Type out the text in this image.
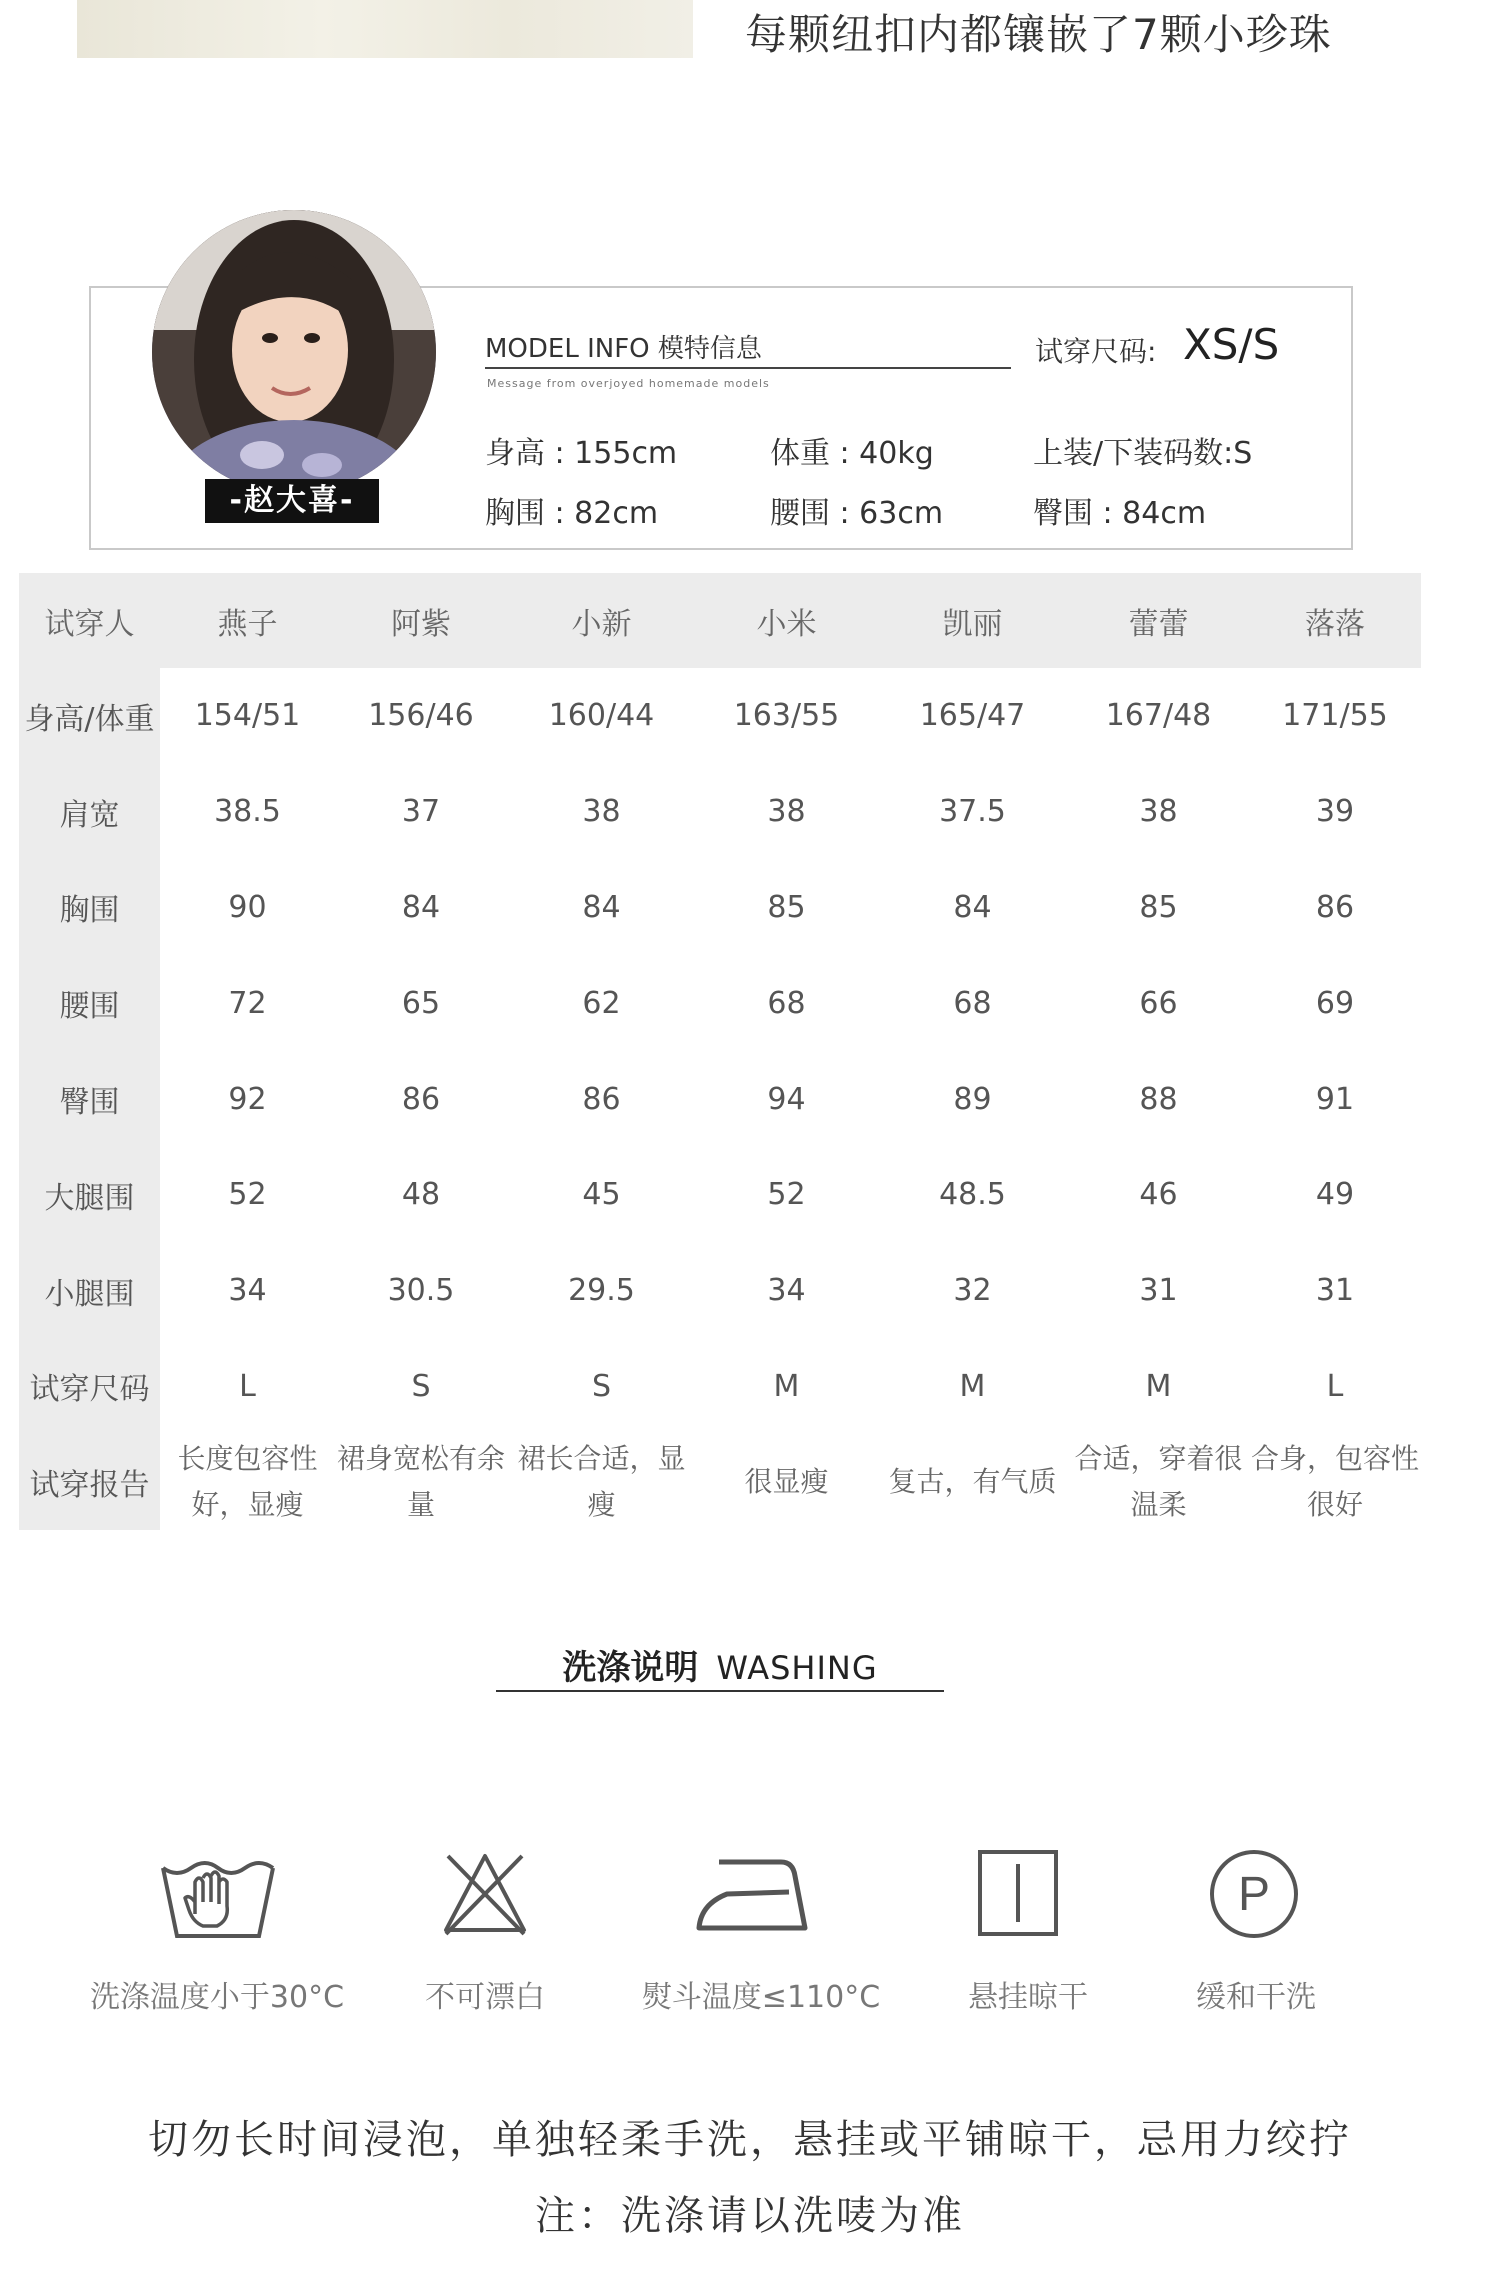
每颗纽扣内都镶嵌了7颗小珍珠
-赵大喜-
MODEL INFO 模特信息
Message from overjoyed homemade models
试穿尺码: XS/S
身高 : 155cm	体重 : 40kg	上装/下装码数:S
胸围 : 82cm	腰围 : 63cm	臀围 : 84cm
试穿人	燕子	阿紫	小新	小米	凯丽	蕾蕾	落落
身高/体重	154/51	156/46	160/44	163/55	165/47	167/48	171/55
肩宽	38.5	37	38	38	37.5	38	39
胸围	90	84	84	85	84	85	86
腰围	72	65	62	68	68	66	69
臀围	92	86	86	94	89	88	91
大腿围	52	48	45	52	48.5	46	49
小腿围	34	30.5	29.5	34	32	31	31
试穿尺码	L	S	S	M	M	M	L
试穿报告	长度包容性好，显瘦	裙身宽松有余量	裙长合适，显瘦	很显瘦	复古，有气质	合适，穿着很温柔	合身，包容性很好
洗涤说明 WASHING
洗涤温度小于30°C	不可漂白	熨斗温度≤110°C	悬挂晾干
P
缓和干洗
切勿长时间浸泡，单独轻柔手洗，悬挂或平铺晾干，忌用力绞拧
注：洗涤请以洗唛为准
